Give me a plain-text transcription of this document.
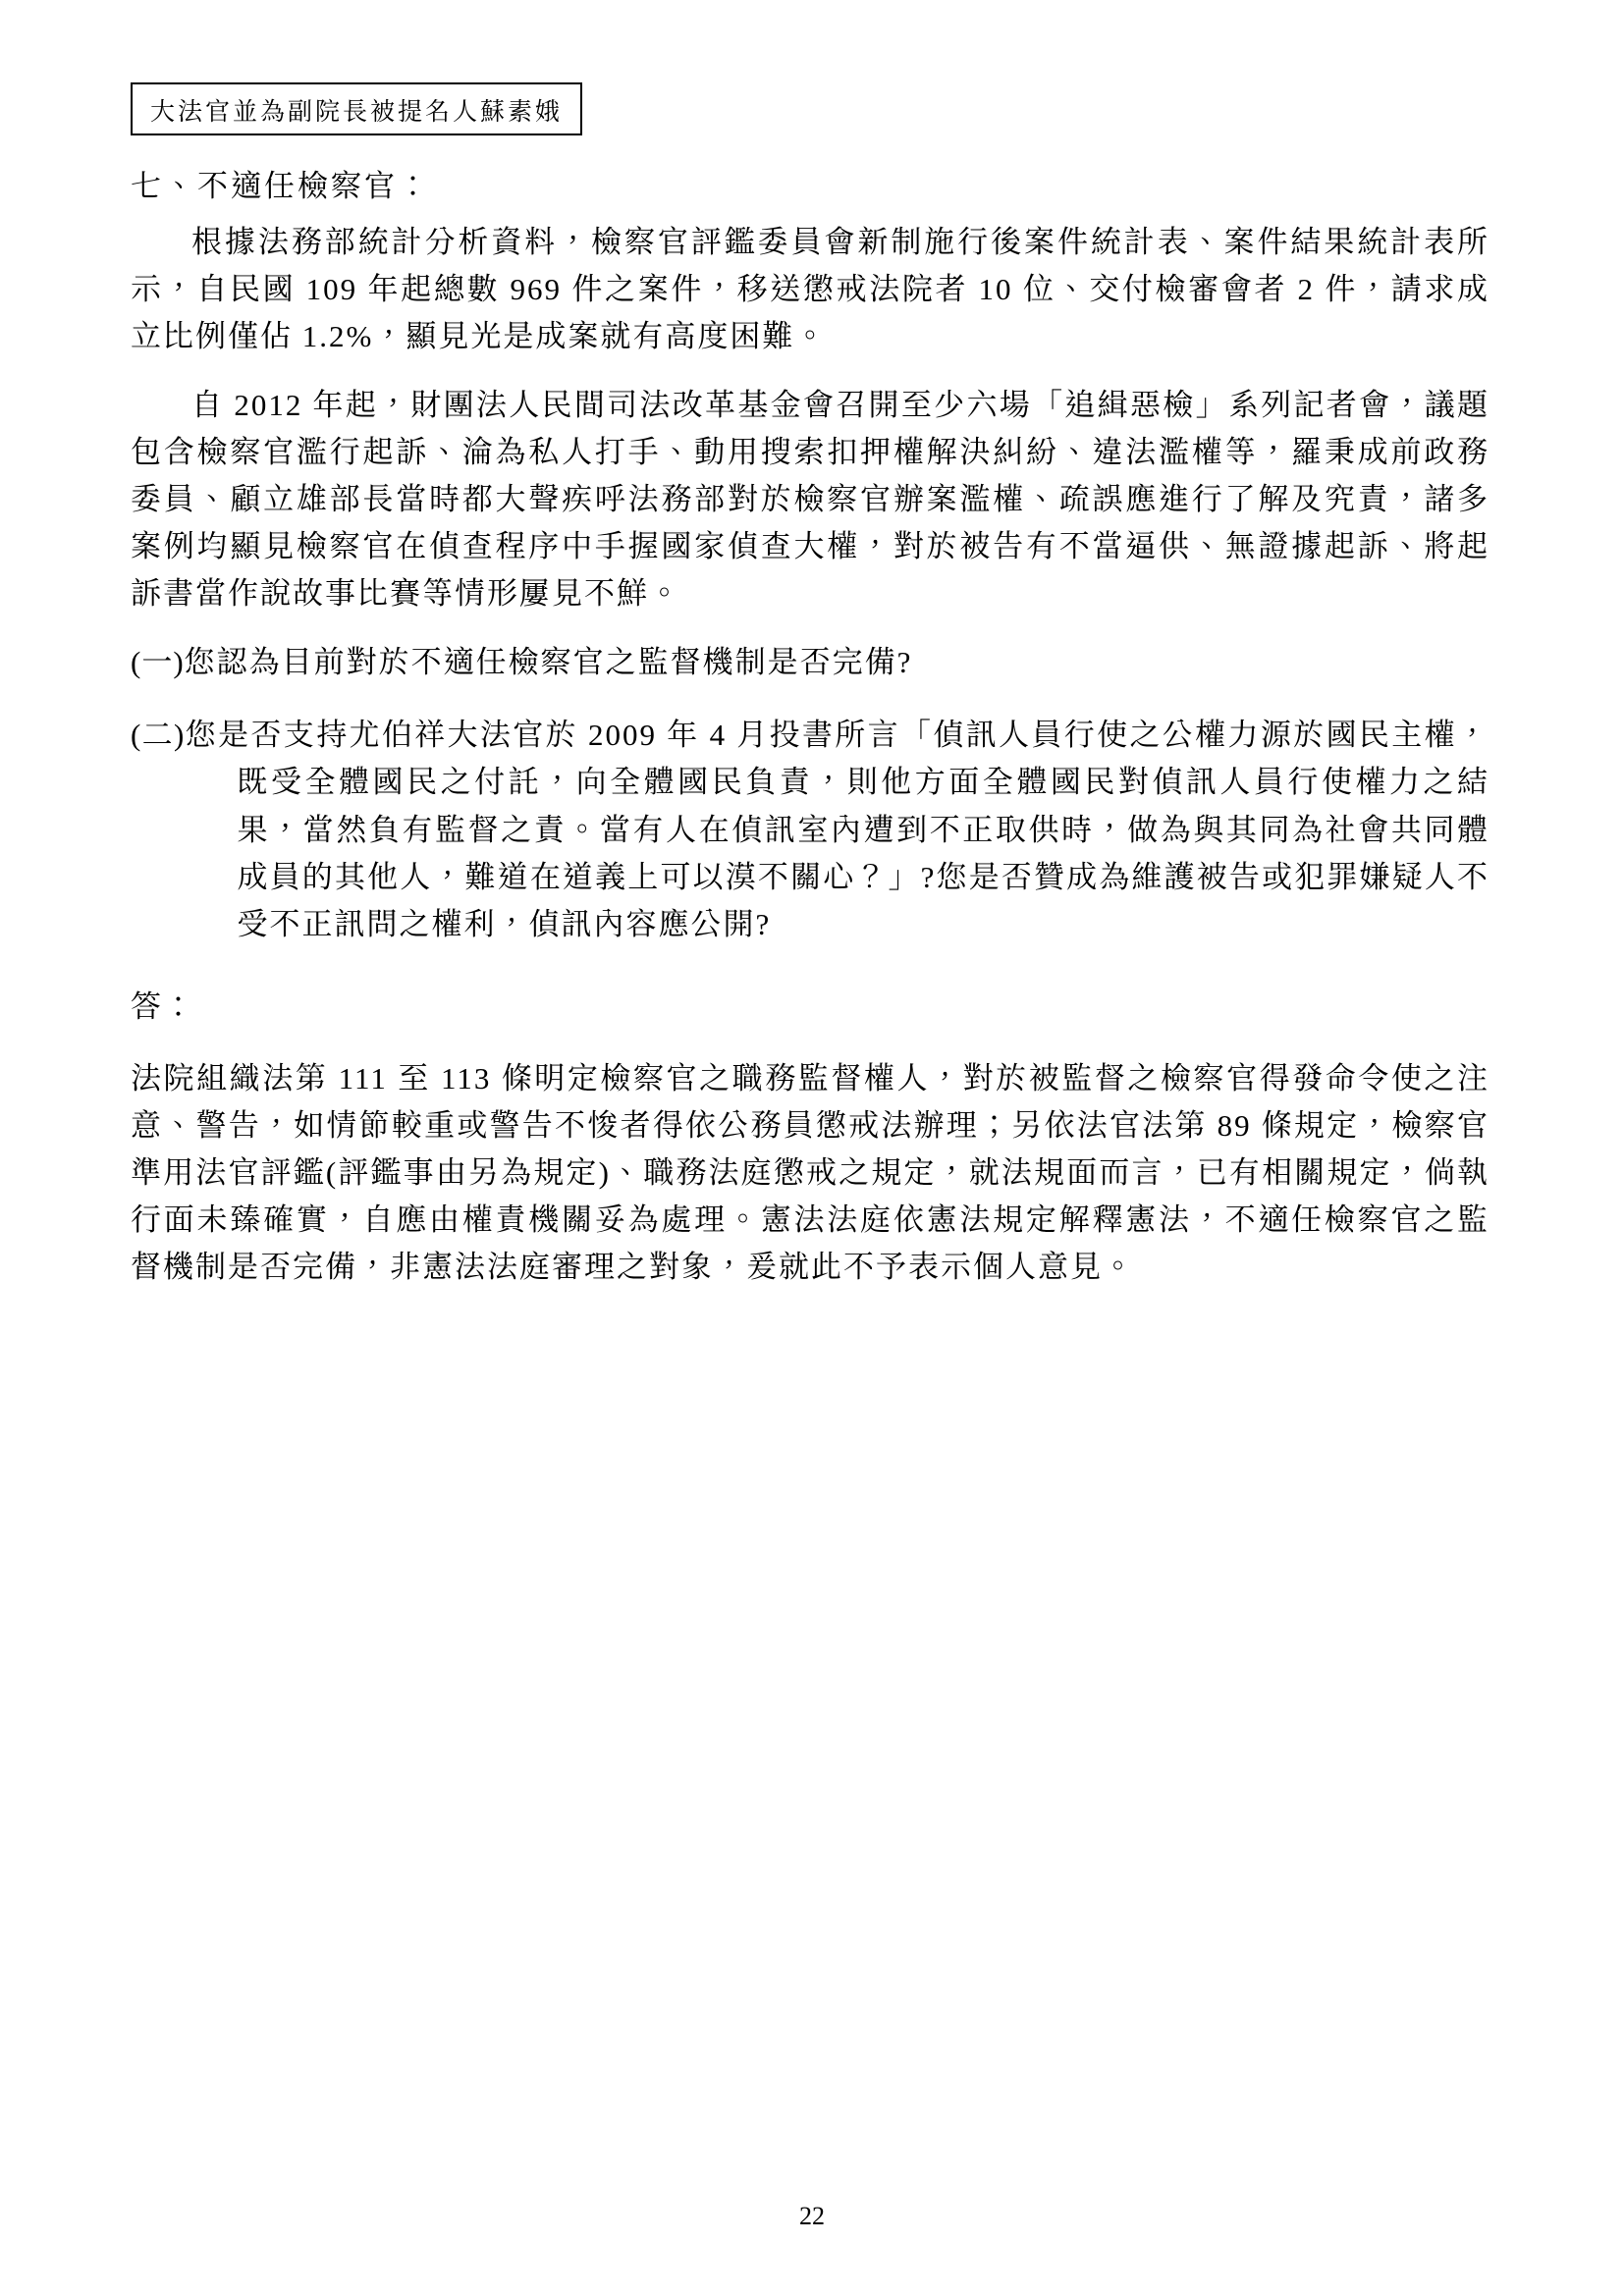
大法官並為副院長被提名人蘇素娥
七、不適任檢察官：

根據法務部統計分析資料，檢察官評鑑委員會新制施行後案件統計表、案件結果統計表所示，自民國 109 年起總數 969 件之案件，移送懲戒法院者 10 位、交付檢審會者 2 件，請求成立比例僅佔 1.2%，顯見光是成案就有高度困難。

自 2012 年起，財團法人民間司法改革基金會召開至少六場「追緝惡檢」系列記者會，議題包含檢察官濫行起訴、淪為私人打手、動用搜索扣押權解決糾紛、違法濫權等，羅秉成前政務委員、顧立雄部長當時都大聲疾呼法務部對於檢察官辦案濫權、疏誤應進行了解及究責，諸多案例均顯見檢察官在偵查程序中手握國家偵查大權，對於被告有不當逼供、無證據起訴、將起訴書當作說故事比賽等情形屢見不鮮。

(一)您認為目前對於不適任檢察官之監督機制是否完備?

(二)您是否支持尤伯祥大法官於 2009 年 4 月投書所言「偵訊人員行使之公權力源於國民主權，既受全體國民之付託，向全體國民負責，則他方面全體國民對偵訊人員行使權力之結果，當然負有監督之責。當有人在偵訊室內遭到不正取供時，做為與其同為社會共同體成員的其他人，難道在道義上可以漠不關心？」?您是否贊成為維護被告或犯罪嫌疑人不受不正訊問之權利，偵訊內容應公開?

答：

法院組織法第 111 至 113 條明定檢察官之職務監督權人，對於被監督之檢察官得發命令使之注意、警告，如情節較重或警告不悛者得依公務員懲戒法辦理；另依法官法第 89 條規定，檢察官準用法官評鑑(評鑑事由另為規定)、職務法庭懲戒之規定，就法規面而言，已有相關規定，倘執行面未臻確實，自應由權責機關妥為處理。憲法法庭依憲法規定解釋憲法，不適任檢察官之監督機制是否完備，非憲法法庭審理之對象，爰就此不予表示個人意見。

22
